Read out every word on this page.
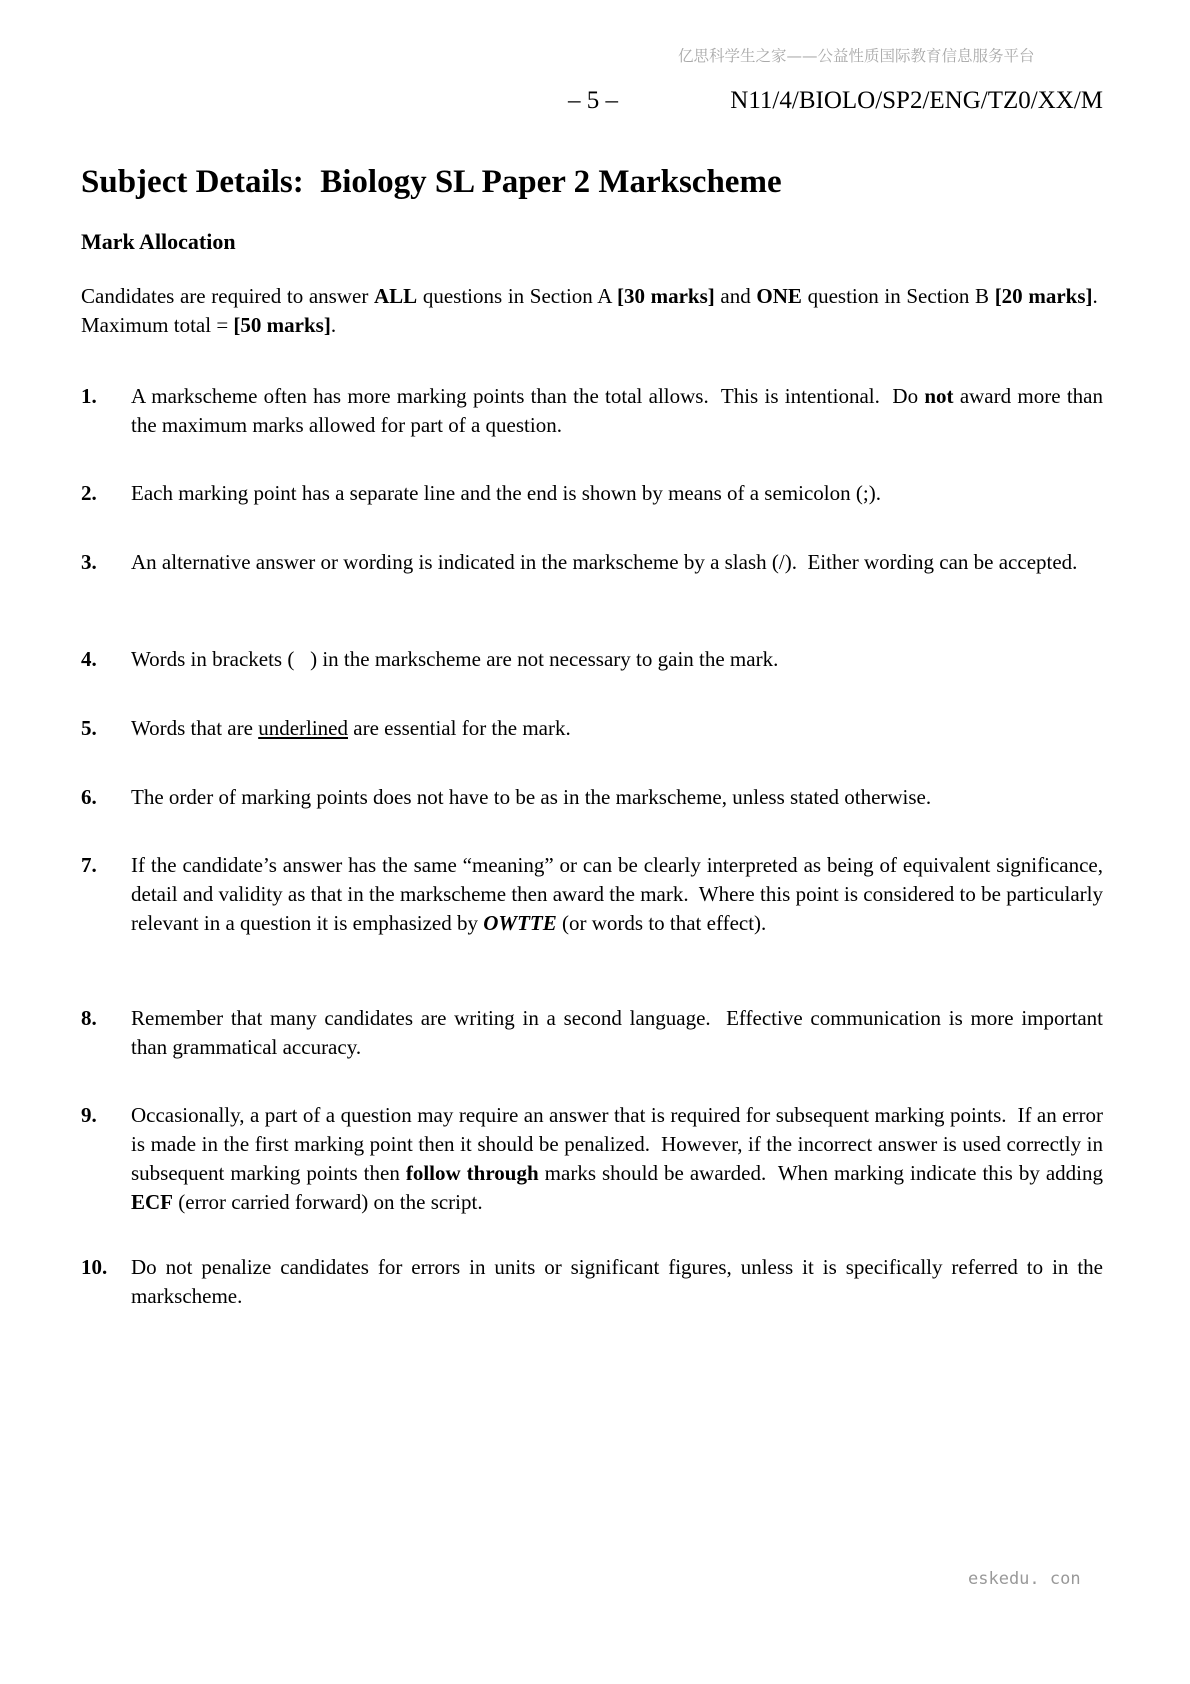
亿思科学生之家——公益性质国际教育信息服务平台
– 5 –	N11/4/BIOLO/SP2/ENG/TZ0/XX/M
Subject Details:  Biology SL Paper 2 Markscheme
Mark Allocation

Candidates are required to answer ALL questions in Section A [30 marks] and ONE question in Section B [20 marks].  Maximum total = [50 marks].

1.	A markscheme often has more marking points than the total allows.  This is intentional.  Do not award more than the maximum marks allowed for part of a question.
2.	Each marking point has a separate line and the end is shown by means of a semicolon (;).
3.	An alternative answer or wording is indicated in the markscheme by a slash (/).  Either wording can be accepted.
4.	Words in brackets (   ) in the markscheme are not necessary to gain the mark.
5.	Words that are underlined are essential for the mark.
6.	The order of marking points does not have to be as in the markscheme, unless stated otherwise.
7.	If the candidate’s answer has the same “meaning” or can be clearly interpreted as being of equivalent significance, detail and validity as that in the markscheme then award the mark.  Where this point is considered to be particularly relevant in a question it is emphasized by OWTTE (or words to that effect).
8.	Remember that many candidates are writing in a second language.  Effective communication is more important than grammatical accuracy.
9.	Occasionally, a part of a question may require an answer that is required for subsequent marking points.  If an error is made in the first marking point then it should be penalized.  However, if the incorrect answer is used correctly in subsequent marking points then follow through marks should be awarded.  When marking indicate this by adding ECF (error carried forward) on the script.
10.	Do not penalize candidates for errors in units or significant figures, unless it is specifically referred to in the markscheme.
eskedu. con
